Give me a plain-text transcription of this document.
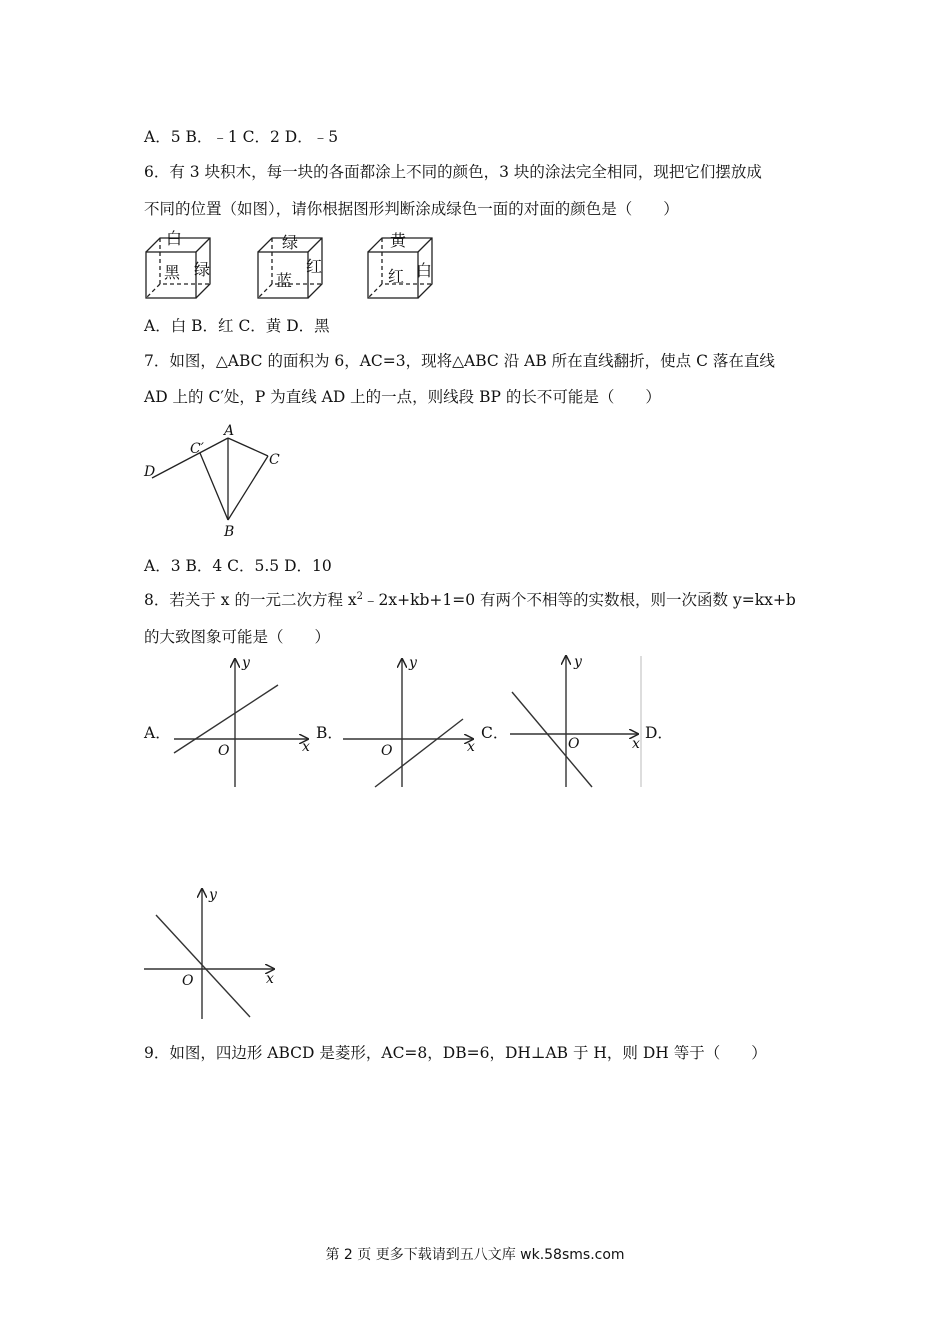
A．5 B．﹣1 C．2 D．﹣5
6．有 3 块积木，每一块的各面都涂上不同的颜色，3 块的涂法完全相同，现把它们摆放成
不同的位置（如图），请你根据图形判断涂成绿色一面的对面的颜色是（　　）
白
黑 绿
绿
蓝
红
黄
红 白
A．白 B．红 C．黄 D．黑
7．如图，△ABC 的面积为 6，AC=3，现将△ABC 沿 AB 所在直线翻折，使点 C 落在直线
AD 上的 C′处，P 为直线 AD 上的一点，则线段 BP 的长不可能是（　　）
A
B
C
C′
D
A．3 B．4 C．5.5 D．10
8．若关于 x 的一元二次方程 $x^2﹣2x+kb+1=0$ 有两个不相等的实数根，则一次函数 y=kx+b
的大致图象可能是（　　）
A．	B．	C．	D．
y
x
O
y
x
O
y
x
O
y
x
O
9．如图，四边形 ABCD 是菱形，AC=8，DB=6，DH⊥AB 于 H，则 DH 等于（　　）
第 2 页 更多下载请到五八文库 wk.58sms.com
